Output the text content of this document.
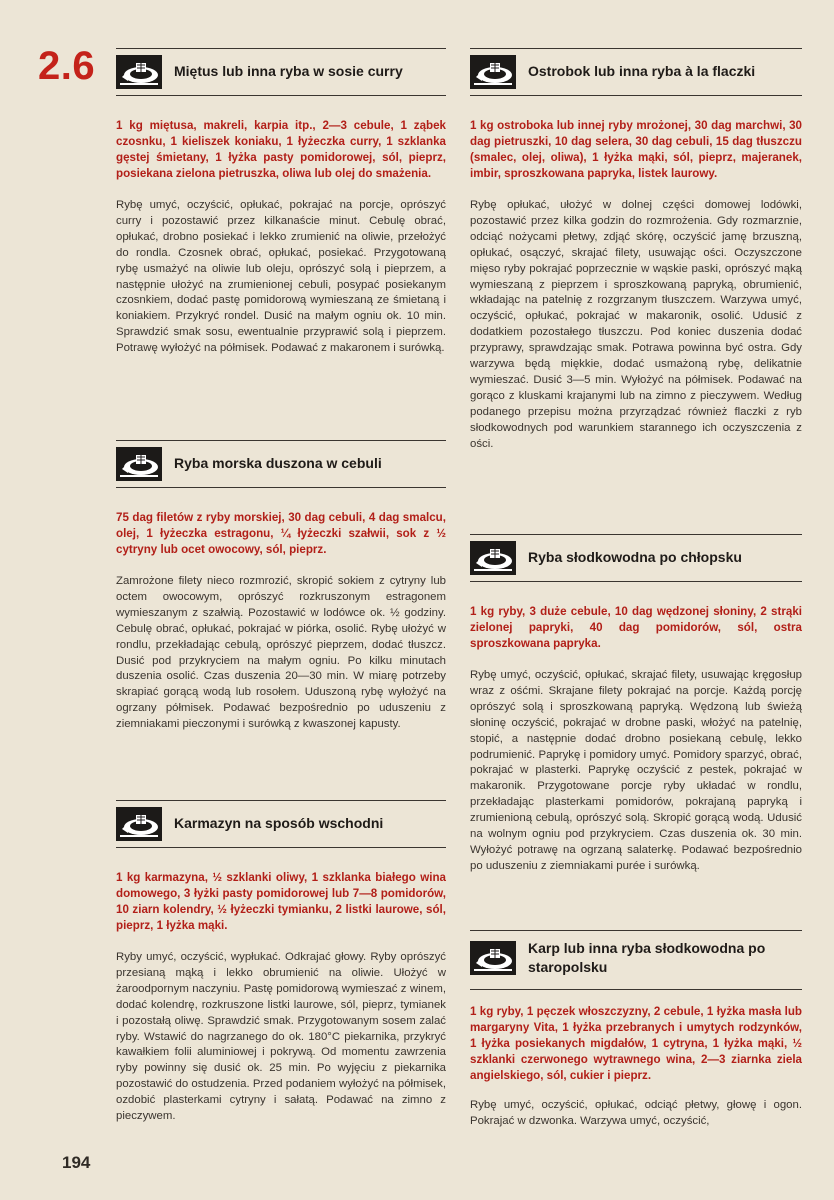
2.6	Miętus lub inna ryba w sosie curry
1 kg miętusa, makreli, karpia itp., 2—3 cebule, 1 ząbek czosnku, 1 kieliszek koniaku, 1 łyżeczka curry, 1 szklanka gęstej śmietany, 1 łyżka pasty pomidorowej, sól, pieprz, posiekana zielona pietruszka, oliwa lub olej do smażenia.
Rybę umyć, oczyścić, opłukać, pokrajać na porcje, oprószyć curry i pozostawić przez kilkanaście minut. Cebulę obrać, opłukać, drobno posiekać i lekko zrumienić na oliwie, przełożyć do rondla. Czosnek obrać, opłukać, posiekać. Przygotowaną rybę usmażyć na oliwie lub oleju, oprószyć solą i pieprzem, a następnie ułożyć na zrumienionej cebuli, posypać posiekanym czosnkiem, dodać pastę pomidorową wymieszaną ze śmietaną i koniakiem. Przykryć rondel. Dusić na małym ogniu ok. 10 min. Sprawdzić smak sosu, ewentualnie przyprawić solą i pieprzem. Potrawę wyłożyć na półmisek. Podawać z makaronem i surówką.
Ryba morska duszona w cebuli
75 dag filetów z ryby morskiej, 30 dag cebuli, 4 dag smalcu, olej, 1 łyżeczka estragonu, ¼ łyżeczki szałwii, sok z ½ cytryny lub ocet owocowy, sól, pieprz.
Zamrożone filety nieco rozmrozić, skropić sokiem z cytryny lub octem owocowym, oprószyć rozkruszonym estragonem wymieszanym z szałwią. Pozostawić w lodówce ok. ½ godziny. Cebulę obrać, opłukać, pokrajać w piórka, osolić. Rybę ułożyć w rondlu, przekładając cebulą, oprószyć pieprzem, dodać tłuszcz. Dusić pod przykryciem na małym ogniu. Po kilku minutach duszenia osolić. Czas duszenia 20—30 min. W miarę potrzeby skrapiać gorącą wodą lub rosołem. Uduszoną rybę wyłożyć na ogrzany półmisek. Podawać bezpośrednio po uduszeniu z ziemniakami pieczonymi i surówką z kwaszonej kapusty.
Karmazyn na sposób wschodni
1 kg karmazyna, ½ szklanki oliwy, 1 szklanka białego wina domowego, 3 łyżki pasty pomidorowej lub 7—8 pomidorów, 10 ziarn kolendry, ½ łyżeczki tymianku, 2 listki laurowe, sól, pieprz, 1 łyżka mąki.
Ryby umyć, oczyścić, wypłukać. Odkrajać głowy. Ryby oprószyć przesianą mąką i lekko obrumienić na oliwie. Ułożyć w żaroodpornym naczyniu. Pastę pomidorową wymieszać z winem, dodać kolendrę, rozkruszone listki laurowe, sól, pieprz, tymianek i pozostałą oliwę. Sprawdzić smak. Przygotowanym sosem zalać ryby. Wstawić do nagrzanego do ok. 180°C piekarnika, przykryć kawałkiem folii aluminiowej i pokrywą. Od momentu zawrzenia ryby powinny się dusić ok. 25 min. Po wyjęciu z piekarnika pozostawić do ostudzenia. Przed podaniem wyłożyć na półmisek, ozdobić plasterkami cytryny i sałatą. Podawać na zimno z pieczywem.
Ostrobok lub inna ryba à la flaczki
1 kg ostroboka lub innej ryby mrożonej, 30 dag marchwi, 30 dag pietruszki, 10 dag selera, 30 dag cebuli, 15 dag tłuszczu (smalec, olej, oliwa), 1 łyżka mąki, sól, pieprz, majeranek, imbir, sproszkowana papryka, listek laurowy.
Rybę opłukać, ułożyć w dolnej części domowej lodówki, pozostawić przez kilka godzin do rozmrożenia. Gdy rozmarznie, odciąć nożycami płetwy, zdjąć skórę, oczyścić jamę brzuszną, opłukać, osączyć, skrajać filety, usuwając ości. Oczyszczone mięso ryby pokrajać poprzecznie w wąskie paski, oprószyć mąką wymieszaną z pieprzem i sproszkowaną papryką, obrumienić, wkładając na patelnię z rozgrzanym tłuszczem. Warzywa umyć, oczyścić, opłukać, pokrajać w makaronik, osolić. Udusić z dodatkiem pozostałego tłuszczu. Pod koniec duszenia dodać przyprawy, sprawdzając smak. Potrawa powinna być ostra. Gdy warzywa będą miękkie, dodać usmażoną rybę, delikatnie wymieszać. Dusić 3—5 min. Wyłożyć na półmisek. Podawać na gorąco z kluskami krajanymi lub na zimno z pieczywem. Według podanego przepisu można przyrządzać również flaczki z ryb słodkowodnych pod warunkiem starannego ich oczyszczenia z ości.
Ryba słodkowodna po chłopsku
1 kg ryby, 3 duże cebule, 10 dag wędzonej słoniny, 2 strąki zielonej papryki, 40 dag pomidorów, sól, ostra sproszkowana papryka.
Rybę umyć, oczyścić, opłukać, skrajać filety, usuwając kręgosłup wraz z ośćmi. Skrajane filety pokrajać na porcje. Każdą porcję oprószyć solą i sproszkowaną papryką. Wędzoną lub świeżą słoninę oczyścić, pokrajać w drobne paski, włożyć na patelnię, stopić, a następnie dodać drobno posiekaną cebulę, lekko podrumienić. Paprykę i pomidory umyć. Pomidory sparzyć, obrać, pokrajać w plasterki. Paprykę oczyścić z pestek, pokrajać w makaronik. Przygotowane porcje ryby układać w rondlu, przekładając plasterkami pomidorów, pokrajaną papryką i zrumienioną cebulą, oprószyć solą. Skropić gorącą wodą. Udusić na wolnym ogniu pod przykryciem. Czas duszenia ok. 30 min. Wyłożyć potrawę na ogrzaną salaterkę. Podawać bezpośrednio po uduszeniu z ziemniakami purée i surówką.
Karp lub inna ryba słodkowodna po staropolsku
1 kg ryby, 1 pęczek włoszczyzny, 2 cebule, 1 łyżka masła lub margaryny Vita, 1 łyżka przebranych i umytych rodzynków, 1 łyżka posiekanych migdałów, 1 cytryna, 1 łyżka mąki, ½ szklanki czerwonego wytrawnego wina, 2—3 ziarnka ziela angielskiego, sól, cukier i pieprz.
Rybę umyć, oczyścić, opłukać, odciąć płetwy, głowę i ogon. Pokrajać w dzwonka. Warzywa umyć, oczyścić,
194
